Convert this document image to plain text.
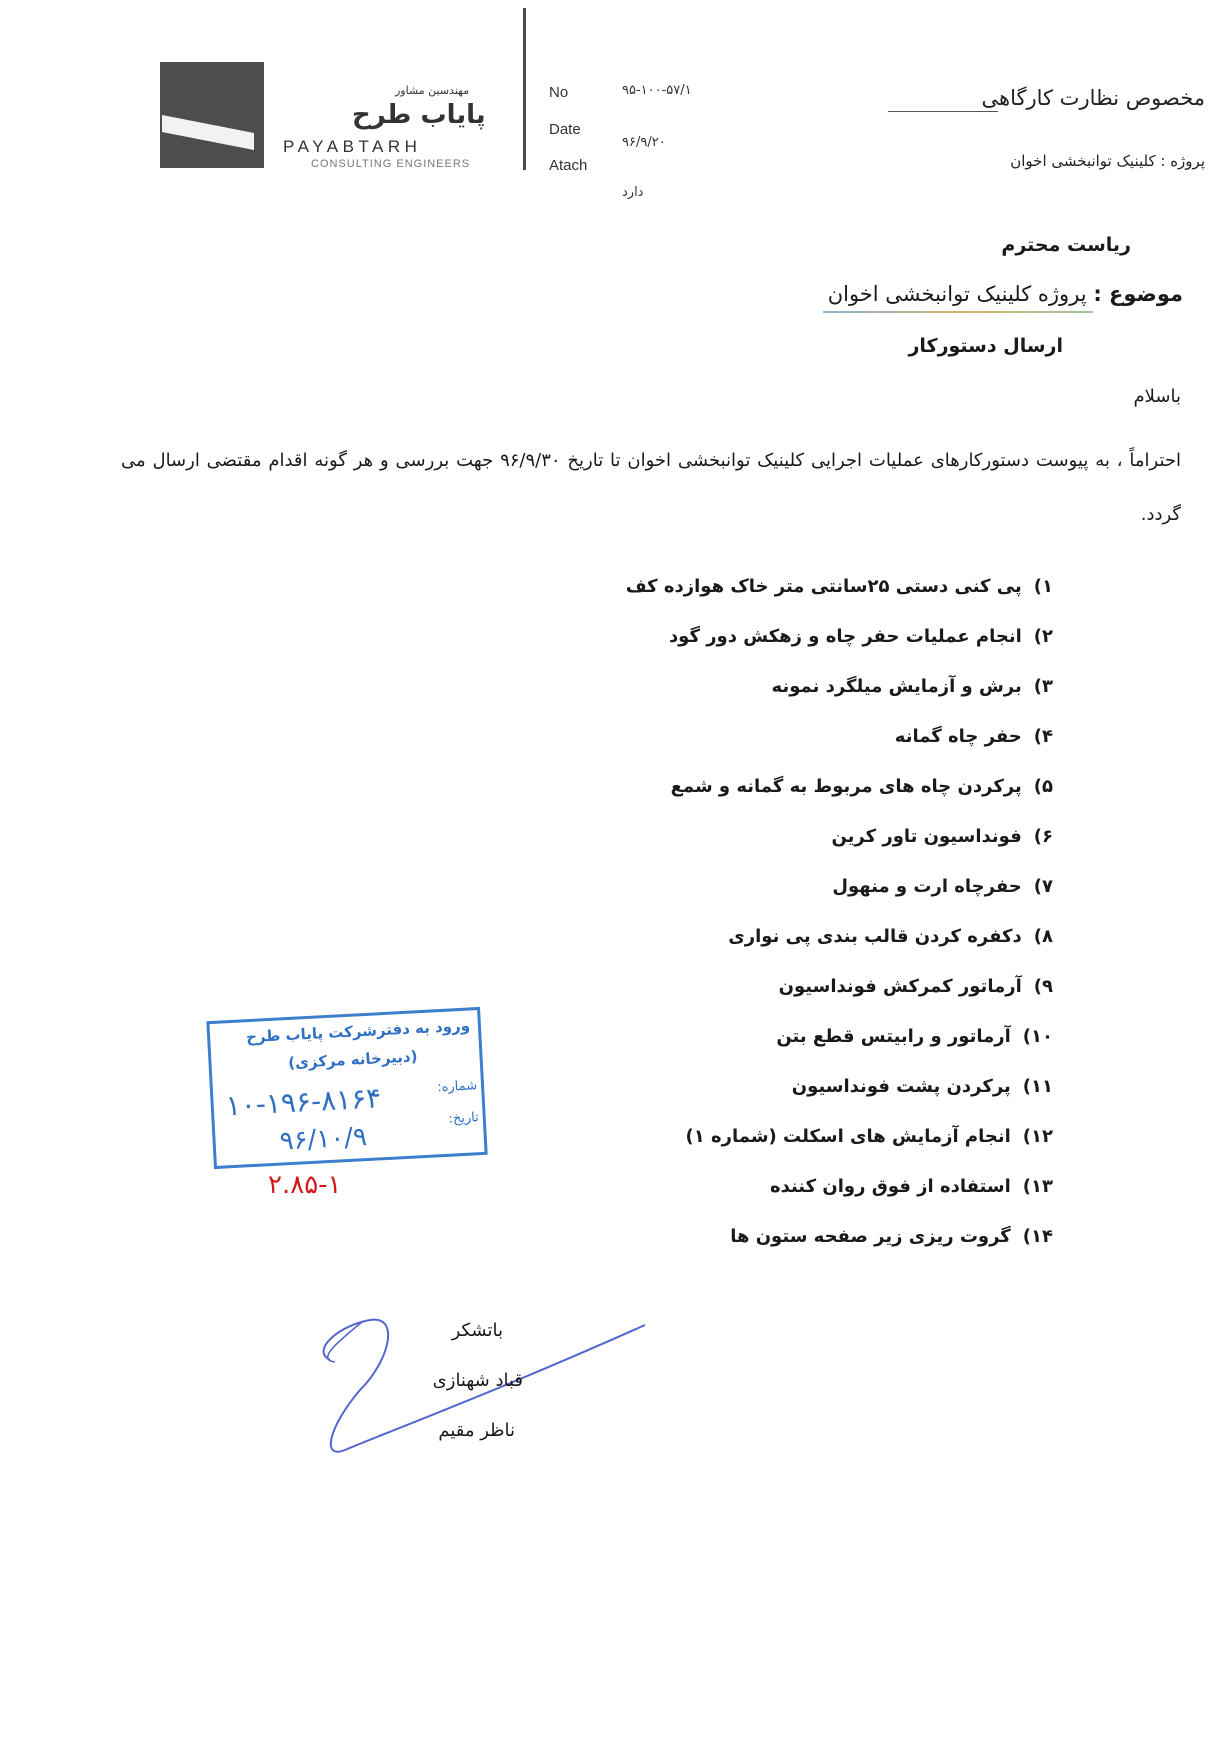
مهندسین مشاور
پایاب طرح
PAYABTARH
CONSULTING ENGINEERS
No	۹۵-۱۰۰-۵۷/۱
Date
۹۶/۹/۲۰
Atach
دارد
مخصوص نظارت کارگاهی
پروژه : کلینیک توانبخشی اخوان
ریاست محترم
موضوع : پروژه کلینیک توانبخشی اخوان
ارسال دستورکار
باسلام
احتراماً ، به پیوست دستورکارهای عملیات اجرایی کلینیک توانبخشی اخوان تا تاریخ ۹۶/۹/۳۰ جهت بررسی و هر گونه اقدام مقتضی ارسال می گردد.
۱)پی کنی دستی ۲۵سانتی متر خاک هوازده کف
۲)انجام عملیات حفر چاه و زهکش دور گود
۳)برش و آزمایش میلگرد نمونه
۴)حفر چاه گمانه
۵)پرکردن چاه های مربوط به گمانه و شمع
۶)فونداسیون تاور کرین
۷)حفرچاه ارت و منهول
۸)دکفره کردن قالب بندی پی نواری
۹)آرماتور کمرکش فونداسیون
۱۰)آرماتور و رابیتس قطع بتن
۱۱)پرکردن پشت فونداسیون
۱۲)انجام آزمایش های اسکلت (شماره ۱)
۱۳)استفاده از فوق روان کننده
۱۴)گروت ریزی زیر صفحه ستون ها
ورود به دفترشرکت پایاب طرح
(دبیرخانه مرکزی)
شماره:
تاریخ:
۱۰-۱۹۶-۸۱۶۴
۹۶/۱۰/۹
۲.۸۵-۱
باتشکر
قباد شهنازی
ناظر مقیم
